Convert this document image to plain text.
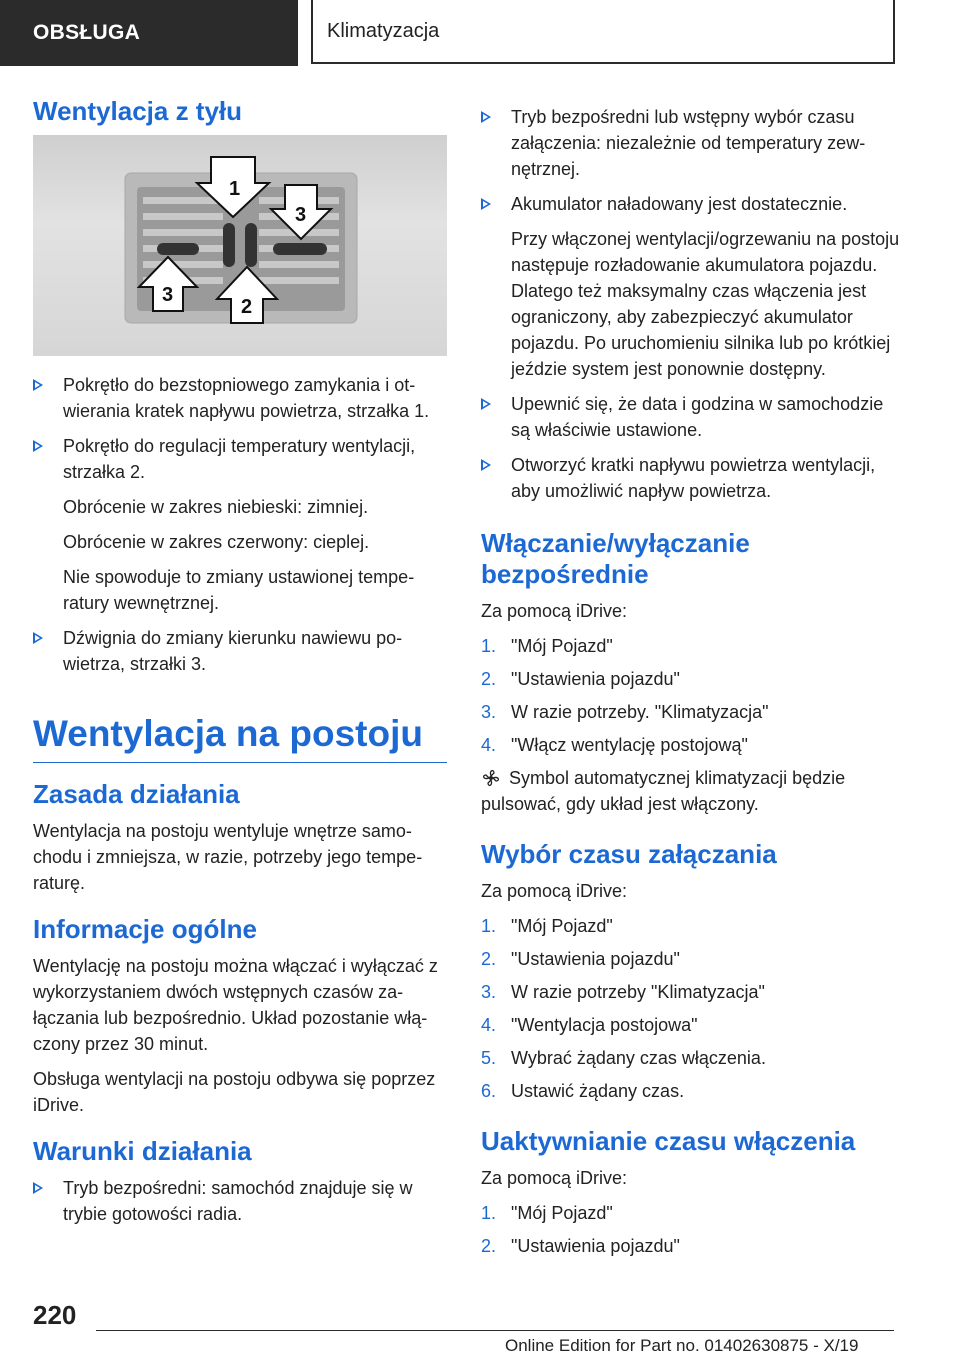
OBSŁUGA	Klimatyzacja
Wentylacja z tyłu
1
3
3
2
Pokrętło do bezstopniowego zamykania i otwierania kratek napływu powietrza, strzałka 1.
Pokrętło do regulacji temperatury wentylacji, strzałka 2.
Obrócenie w zakres niebieski: zimniej.
Obrócenie w zakres czerwony: cieplej.
Nie spowoduje to zmiany ustawionej temperatury wewnętrznej.
Dźwignia do zmiany kierunku nawiewu powietrza, strzałki 3.
Wentylacja na postoju
Zasada działania

Wentylacja na postoju wentyluje wnętrze samochodu i zmniejsza, w razie, potrzeby jego temperaturę.

Informacje ogólne

Wentylację na postoju można włączać i wyłączać z wykorzystaniem dwóch wstępnych czasów załączania lub bezpośrednio. Układ pozostanie włączony przez 30 minut.

Obsługa wentylacji na postoju odbywa się poprzez iDrive.

Warunki działania
Tryb bezpośredni: samochód znajduje się w trybie gotowości radia.
Tryb bezpośredni lub wstępny wybór czasu załączenia: niezależnie od temperatury zewnętrznej.
Akumulator naładowany jest dostatecznie.
Przy włączonej wentylacji/ogrzewaniu na postoju następuje rozładowanie akumulatora pojazdu. Dlatego też maksymalny czas włączenia jest ograniczony, aby zabezpieczyć akumulator pojazdu. Po uruchomieniu silnika lub po krótkiej jeździe system jest ponownie dostępny.
Upewnić się, że data i godzina w samochodzie są właściwie ustawione.
Otworzyć kratki napływu powietrza wentylacji, aby umożliwić napływ powietrza.
Włączanie/wyłączanie bezpośrednie

Za pomocą iDrive:

1. "Mój Pojazd"
2. "Ustawienia pojazdu"
3. W razie potrzeby. "Klimatyzacja"
4. "Włącz wentylację postojową"

Symbol automatycznej klimatyzacji będzie pulsować, gdy układ jest włączony.

Wybór czasu załączania

Za pomocą iDrive:

1. "Mój Pojazd"
2. "Ustawienia pojazdu"
3. W razie potrzeby "Klimatyzacja"
4. "Wentylacja postojowa"
5. Wybrać żądany czas włączenia.
6. Ustawić żądany czas.
Uaktywnianie czasu włączenia

Za pomocą iDrive:

1. "Mój Pojazd"
2. "Ustawienia pojazdu"
220
Online Edition for Part no. 01402630875 - X/19
